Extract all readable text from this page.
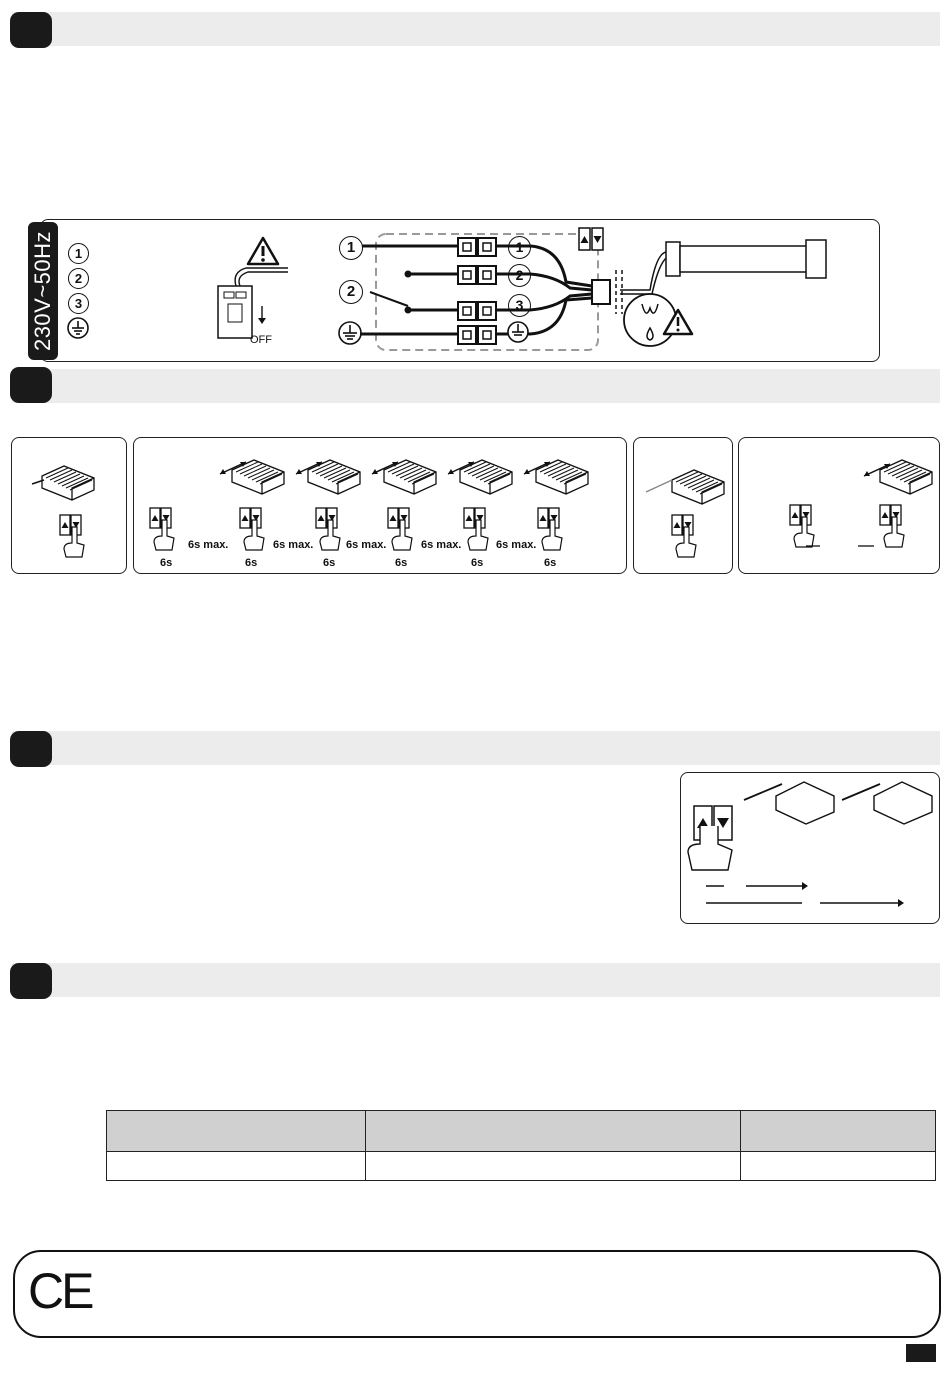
230V~50Hz	1
2
3
OFF
1
2
1
2
3
6s	6s	6s	6s	6s	6s
6s max.	6s max.	6s max.	6s max.	6s max.

CE
